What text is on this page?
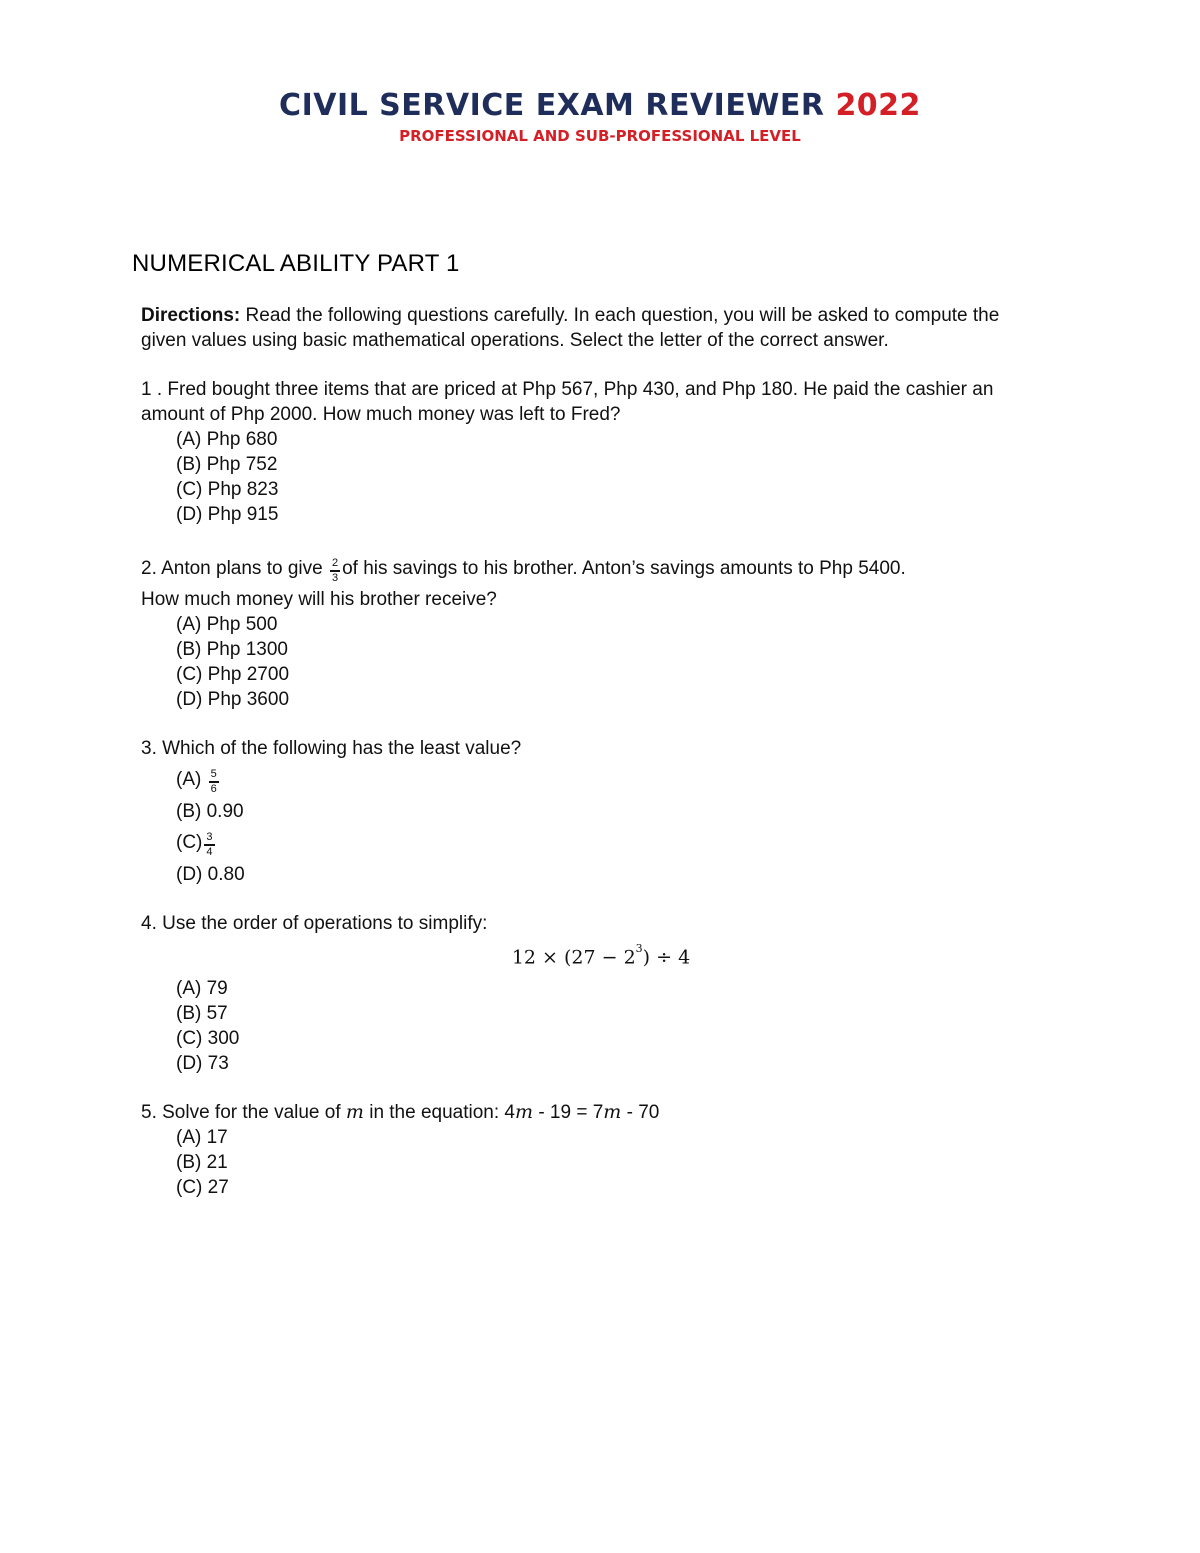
CIVIL SERVICE EXAM REVIEWER 2022
PROFESSIONAL AND SUB-PROFESSIONAL LEVEL
NUMERICAL ABILITY PART 1

Directions: Read the following questions carefully. In each question, you will be asked to compute the given values using basic mathematical operations. Select the letter of the correct answer.

1 . Fred bought three items that are priced at Php 567, Php 430, and Php 180. He paid the cashier an amount of Php 2000. How much money was left to Fred?

(A) Php 680
(B) Php 752
(C) Php 823
(D) Php 915

2. Anton plans to give $\frac{2}{3}$ of his savings to his brother. Anton’s savings amounts to Php 5400.

How much money will his brother receive?

(A) Php 500
(B) Php 1300
(C) Php 2700
(D) Php 3600

3. Which of the following has the least value?

$(A) \frac{5}{6}$
(B) 0.90
$(C) \frac{3}{4}$
(D) 0.80

4. Use the order of operations to simplify:

$12 \times (27 - 2^3) \div 4$
(A) 79
(B) 57
(C) 300
(D) 73

5. Solve for the value of m in the equation: 4m - 19 = 7m - 70

(A) 17
(B) 21
(C) 27
